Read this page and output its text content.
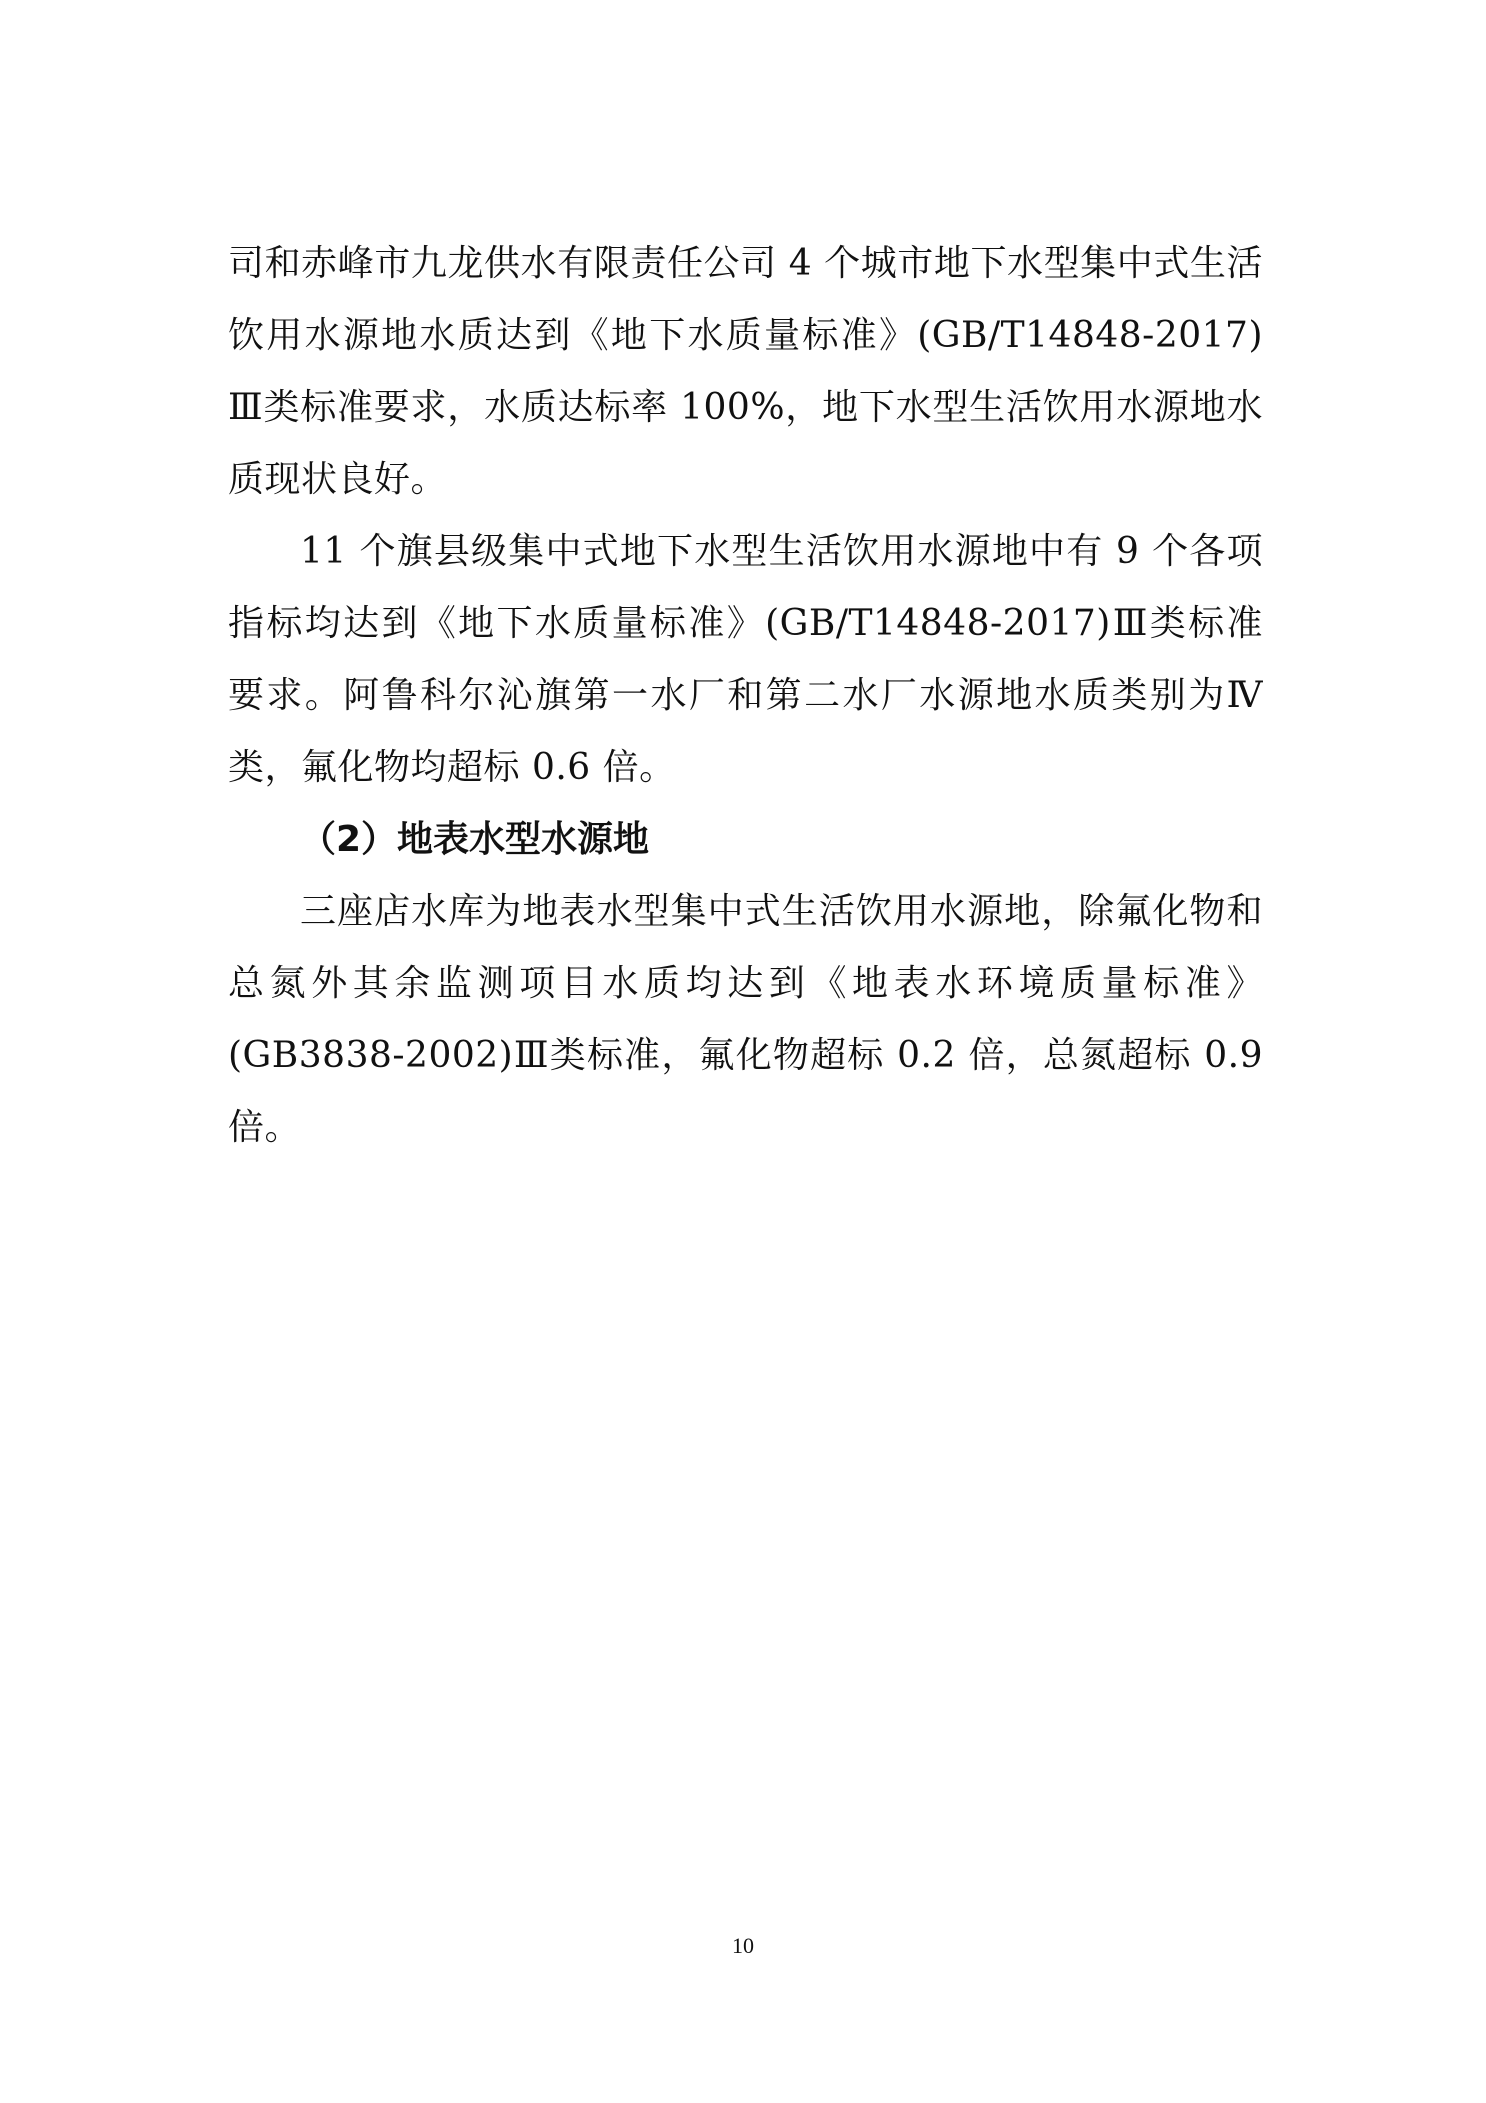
司和赤峰市九龙供水有限责任公司 4 个城市地下水型集中式生活饮用水源地水质达到《地下水质量标准》(GB/T14848-2017) Ⅲ类标准要求，水质达标率 100%，地下水型生活饮用水源地水质现状良好。

11 个旗县级集中式地下水型生活饮用水源地中有 9 个各项指标均达到《地下水质量标准》(GB/T14848-2017)Ⅲ类标准要求。阿鲁科尔沁旗第一水厂和第二水厂水源地水质类别为Ⅳ类，氟化物均超标 0.6 倍。

（2）地表水型水源地

三座店水库为地表水型集中式生活饮用水源地，除氟化物和总氮外其余监测项目水质均达到《地表水环境质量标准》(GB3838-2002)Ⅲ类标准，氟化物超标 0.2 倍，总氮超标 0.9 倍。

10
